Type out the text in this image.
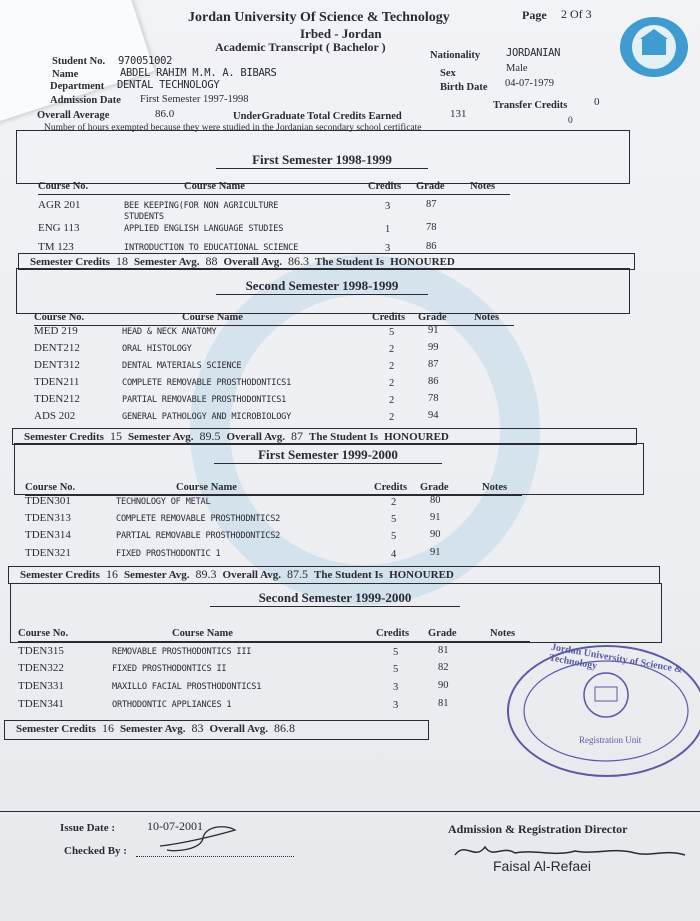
Jordan University Of Science & Technology
Irbed - Jordan
Academic Transcript ( Bachelor )
Page 2 Of 3
Student No. 970051002
Name	ABDEL RAHIM M.M. A. BIBARS
Department DENTAL TECHNOLOGY
Admission Date First Semester 1997-1998
Nationality JORDANIAN
Sex	Male
Birth Date 04-07-1979
Overall Average	86.0	UnderGraduate Total Credits Earned	131
Transfer Credits 0
Number of hours exempted because they were studied in the Jordanian secondary school certificate
0
First Semester 1998-1999
Course No.	Course Name	Credits Grade Notes
AGR 201	BEE KEEPING(FOR NON AGRICULTURE
STUDENTS
3	87
ENG 113	APPLIED ENGLISH LANGUAGE STUDIES	1	78
TM 123	INTRODUCTION TO EDUCATIONAL SCIENCE	3	86
Semester Credits 18 Semester Avg. 88 Overall Avg. 86.3 The Student Is HONOURED
Second Semester 1998-1999
Course No.	Course Name	Credits Grade	Notes
MED 219	HEAD & NECK ANATOMY	5	91
DENT212	ORAL HISTOLOGY	2	99
DENT312	DENTAL MATERIALS SCIENCE	2	87
TDEN211	COMPLETE REMOVABLE PROSTHODONTICS1	2	86
TDEN212	PARTIAL REMOVABLE PROSTHODONTICS1	2	78
ADS 202	GENERAL PATHOLOGY AND MICROBIOLOGY	2	94
Semester Credits 15 Semester Avg. 89.5 Overall Avg. 87 The Student Is HONOURED
First Semester 1999-2000
Course No.	Course Name	Credits Grade	Notes
TDEN301	TECHNOLOGY OF METAL	2	80
TDEN313	COMPLETE REMOVABLE PROSTHODNTICS2	5	91
TDEN314	PARTIAL REMOVABLE PROSTHODONTICS2	5	90
TDEN321	FIXED PROSTHODONTIC 1	4	91
Semester Credits 16 Semester Avg. 89.3 Overall Avg. 87.5 The Student Is HONOURED
Second Semester 1999-2000
Course No.	Course Name	Credits Grade	Notes
TDEN315	REMOVABLE PROSTHODONTICS III	5	81
TDEN322	FIXED PROSTHODONTICS II	5	82
TDEN331	MAXILLO FACIAL PROSTHODONTICS1	3	90
TDEN341	ORTHODONTIC APPLIANCES 1	3	81
Semester Credits 16 Semester Avg. 83 Overall Avg. 86.8
Jordan University of Science & Technology
Registration Unit
Issue Date :	10-07-2001
Checked By :
Admission & Registration Director
Faisal Al-Refaei
